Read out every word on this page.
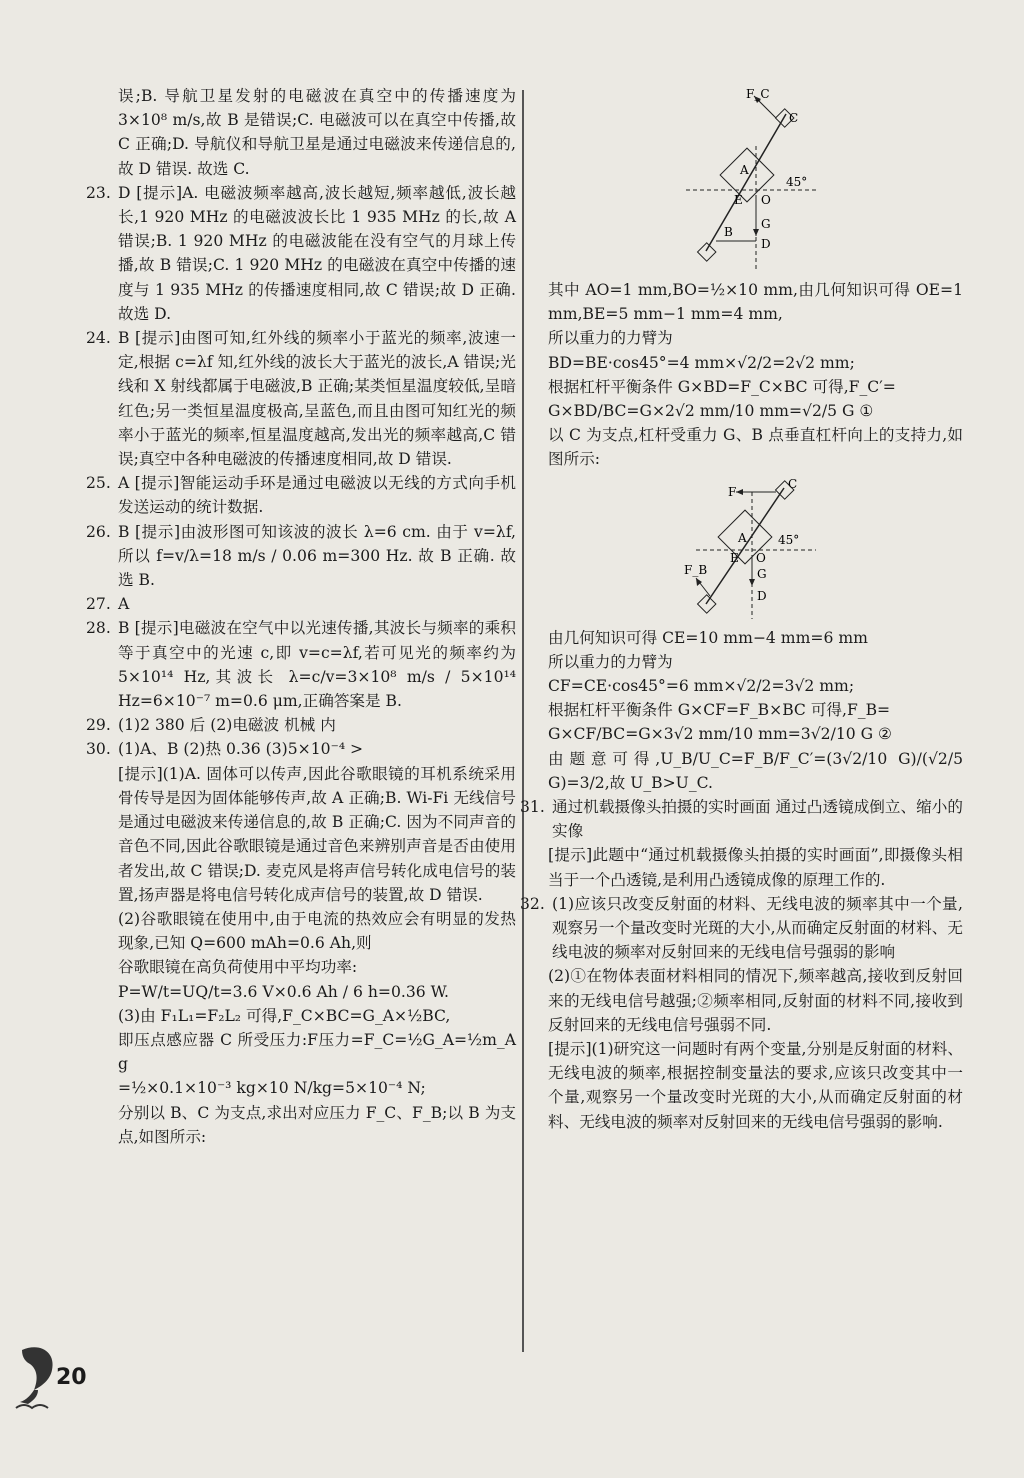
误;B. 导航卫星发射的电磁波在真空中的传播速度为 3×10⁸ m/s,故 B 是错误;C. 电磁波可以在真空中传播,故 C 正确;D. 导航仪和导航卫星是通过电磁波来传递信息的,故 D 错误. 故选 C.

23. D [提示]A. 电磁波频率越高,波长越短,频率越低,波长越长,1 920 MHz 的电磁波波长比 1 935 MHz 的长,故 A 错误;B. 1 920 MHz 的电磁波能在没有空气的月球上传播,故 B 错误;C. 1 920 MHz 的电磁波在真空中传播的速度与 1 935 MHz 的传播速度相同,故 C 错误;故 D 正确. 故选 D.
24. B [提示]由图可知,红外线的频率小于蓝光的频率,波速一定,根据 c=λf 知,红外线的波长大于蓝光的波长,A 错误;光线和 X 射线都属于电磁波,B 正确;某类恒星温度较低,呈暗红色;另一类恒星温度极高,呈蓝色,而且由图可知红光的频率小于蓝光的频率,恒星温度越高,发出光的频率越高,C 错误;真空中各种电磁波的传播速度相同,故 D 错误.
25. A [提示]智能运动手环是通过电磁波以无线的方式向手机发送运动的统计数据.
26. B [提示]由波形图可知该波的波长 λ=6 cm. 由于 v=λf,所以 f=v/λ=18 m/s / 0.06 m=300 Hz. 故 B 正确. 故选 B.
27. A
28. B [提示]电磁波在空气中以光速传播,其波长与频率的乘积等于真空中的光速 c,即 v=c=λf,若可见光的频率约为 5×10¹⁴ Hz,其波长 λ=c/v=3×10⁸ m/s / 5×10¹⁴ Hz=6×10⁻⁷ m=0.6 μm,正确答案是 B.
29. (1)2 380 后 (2)电磁波 机械 内
30. (1)A、B (2)热 0.36 (3)5×10⁻⁴ >

[提示](1)A. 固体可以传声,因此谷歌眼镜的耳机系统采用骨传导是因为固体能够传声,故 A 正确;B. Wi-Fi 无线信号是通过电磁波来传递信息的,故 B 正确;C. 因为不同声音的音色不同,因此谷歌眼镜是通过音色来辨别声音是否由使用者发出,故 C 错误;D. 麦克风是将声信号转化成电信号的装置,扬声器是将电信号转化成声信号的装置,故 D 错误.

(2)谷歌眼镜在使用中,由于电流的热效应会有明显的发热现象,已知 Q=600 mAh=0.6 Ah,则

谷歌眼镜在高负荷使用中平均功率:

P=W/t=UQ/t=3.6 V×0.6 Ah / 6 h=0.36 W.

(3)由 F₁L₁=F₂L₂ 可得,F_C×BC=G_A×½BC,

即压点感应器 C 所受压力:F压力=F_C=½G_A=½m_A g

=½×0.1×10⁻³ kg×10 N/kg=5×10⁻⁴ N;

分别以 B、C 为支点,求出对应压力 F_C、F_B;以 B 为支点,如图所示:

F_C
C
A
45°
E O
G
B
D

其中 AO=1 mm,BO=½×10 mm,由几何知识可得 OE=1 mm,BE=5 mm−1 mm=4 mm,

所以重力的力臂为

BD=BE·cos45°=4 mm×√2/2=2√2 mm;

根据杠杆平衡条件 G×BD=F_C×BC 可得,F_C′=

G×BD/BC=G×2√2 mm/10 mm=√2/5 G ①

以 C 为支点,杠杆受重力 G、B 点垂直杠杆向上的支持力,如图所示:

F
C
A	45°
E O
F_B	G
D

由几何知识可得 CE=10 mm−4 mm=6 mm

所以重力的力臂为

CF=CE·cos45°=6 mm×√2/2=3√2 mm;

根据杠杆平衡条件 G×CF=F_B×BC 可得,F_B=

G×CF/BC=G×3√2 mm/10 mm=3√2/10 G ②

由题意可得,U_B/U_C=F_B/F_C′=(3√2/10 G)/(√2/5 G)=3/2,故 U_B>U_C.

31. 通过机载摄像头拍摄的实时画面 通过凸透镜成倒立、缩小的实像

[提示]此题中“通过机载摄像头拍摄的实时画面”,即摄像头相当于一个凸透镜,是利用凸透镜成像的原理工作的.

32. (1)应该只改变反射面的材料、无线电波的频率其中一个量,观察另一个量改变时光斑的大小,从而确定反射面的材料、无线电波的频率对反射回来的无线电信号强弱的影响

(2)①在物体表面材料相同的情况下,频率越高,接收到反射回来的无线电信号越强;②频率相同,反射面的材料不同,接收到反射回来的无线电信号强弱不同.

[提示](1)研究这一问题时有两个变量,分别是反射面的材料、无线电波的频率,根据控制变量法的要求,应该只改变其中一个量,观察另一个量改变时光斑的大小,从而确定反射面的材料、无线电波的频率对反射回来的无线电信号强弱的影响.

20
